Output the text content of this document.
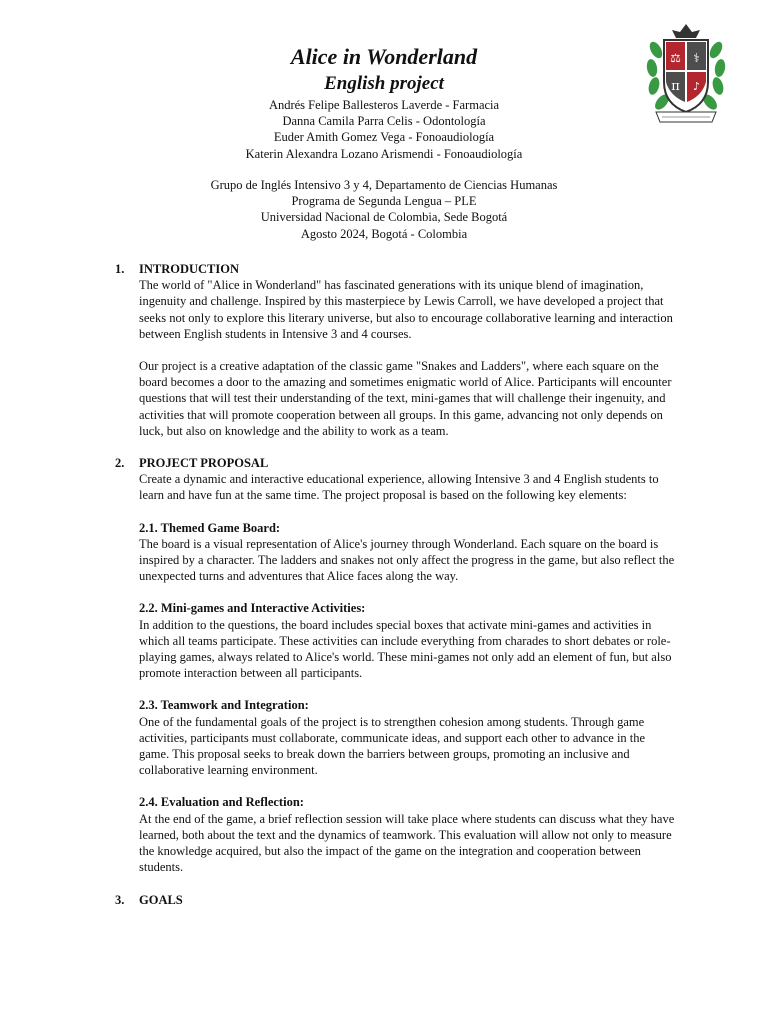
Alice in Wonderland
English project
Andrés Felipe Ballesteros Laverde - Farmacia
Danna Camila Parra Celis - Odontología
Euder Amith Gomez Vega - Fonoaudiología
Katerin Alexandra Lozano Arismendi - Fonoaudiología
Grupo de Inglés Intensivo 3 y 4, Departamento de Ciencias Humanas
Programa de Segunda Lengua – PLE
Universidad Nacional de Colombia, Sede Bogotá
Agosto 2024, Bogotá - Colombia
⚖ ⚕
π ♪
1. INTRODUCTION

The world of "Alice in Wonderland" has fascinated generations with its unique blend of imagination, ingenuity and challenge. Inspired by this masterpiece by Lewis Carroll, we have developed a project that seeks not only to explore this literary universe, but also to encourage collaborative learning and interaction between English students in Intensive 3 and 4 courses.

Our project is a creative adaptation of the classic game "Snakes and Ladders", where each square on the board becomes a door to the amazing and sometimes enigmatic world of Alice. Participants will encounter questions that will test their understanding of the text, mini-games that will challenge their ingenuity, and activities that will promote cooperation between all groups. In this game, advancing not only depends on luck, but also on knowledge and the ability to work as a team.

2. PROJECT PROPOSAL

Create a dynamic and interactive educational experience, allowing Intensive 3 and 4 English students to learn and have fun at the same time. The project proposal is based on the following key elements:

2.1. Themed Game Board:

The board is a visual representation of Alice's journey through Wonderland. Each square on the board is inspired by a character. The ladders and snakes not only affect the progress in the game, but also reflect the unexpected turns and adventures that Alice faces along the way.

2.2. Mini-games and Interactive Activities:

In addition to the questions, the board includes special boxes that activate mini-games and activities in which all teams participate. These activities can include everything from charades to short debates or role-playing games, always related to Alice's world. These mini-games not only add an element of fun, but also promote interaction between all participants.

2.3. Teamwork and Integration:

One of the fundamental goals of the project is to strengthen cohesion among students. Through game activities, participants must collaborate, communicate ideas, and support each other to advance in the game. This proposal seeks to break down the barriers between groups, promoting an inclusive and collaborative learning environment.

2.4. Evaluation and Reflection:

At the end of the game, a brief reflection session will take place where students can discuss what they have learned, both about the text and the dynamics of teamwork. This evaluation will allow not only to measure the knowledge acquired, but also the impact of the game on the integration and cooperation between students.

3. GOALS
